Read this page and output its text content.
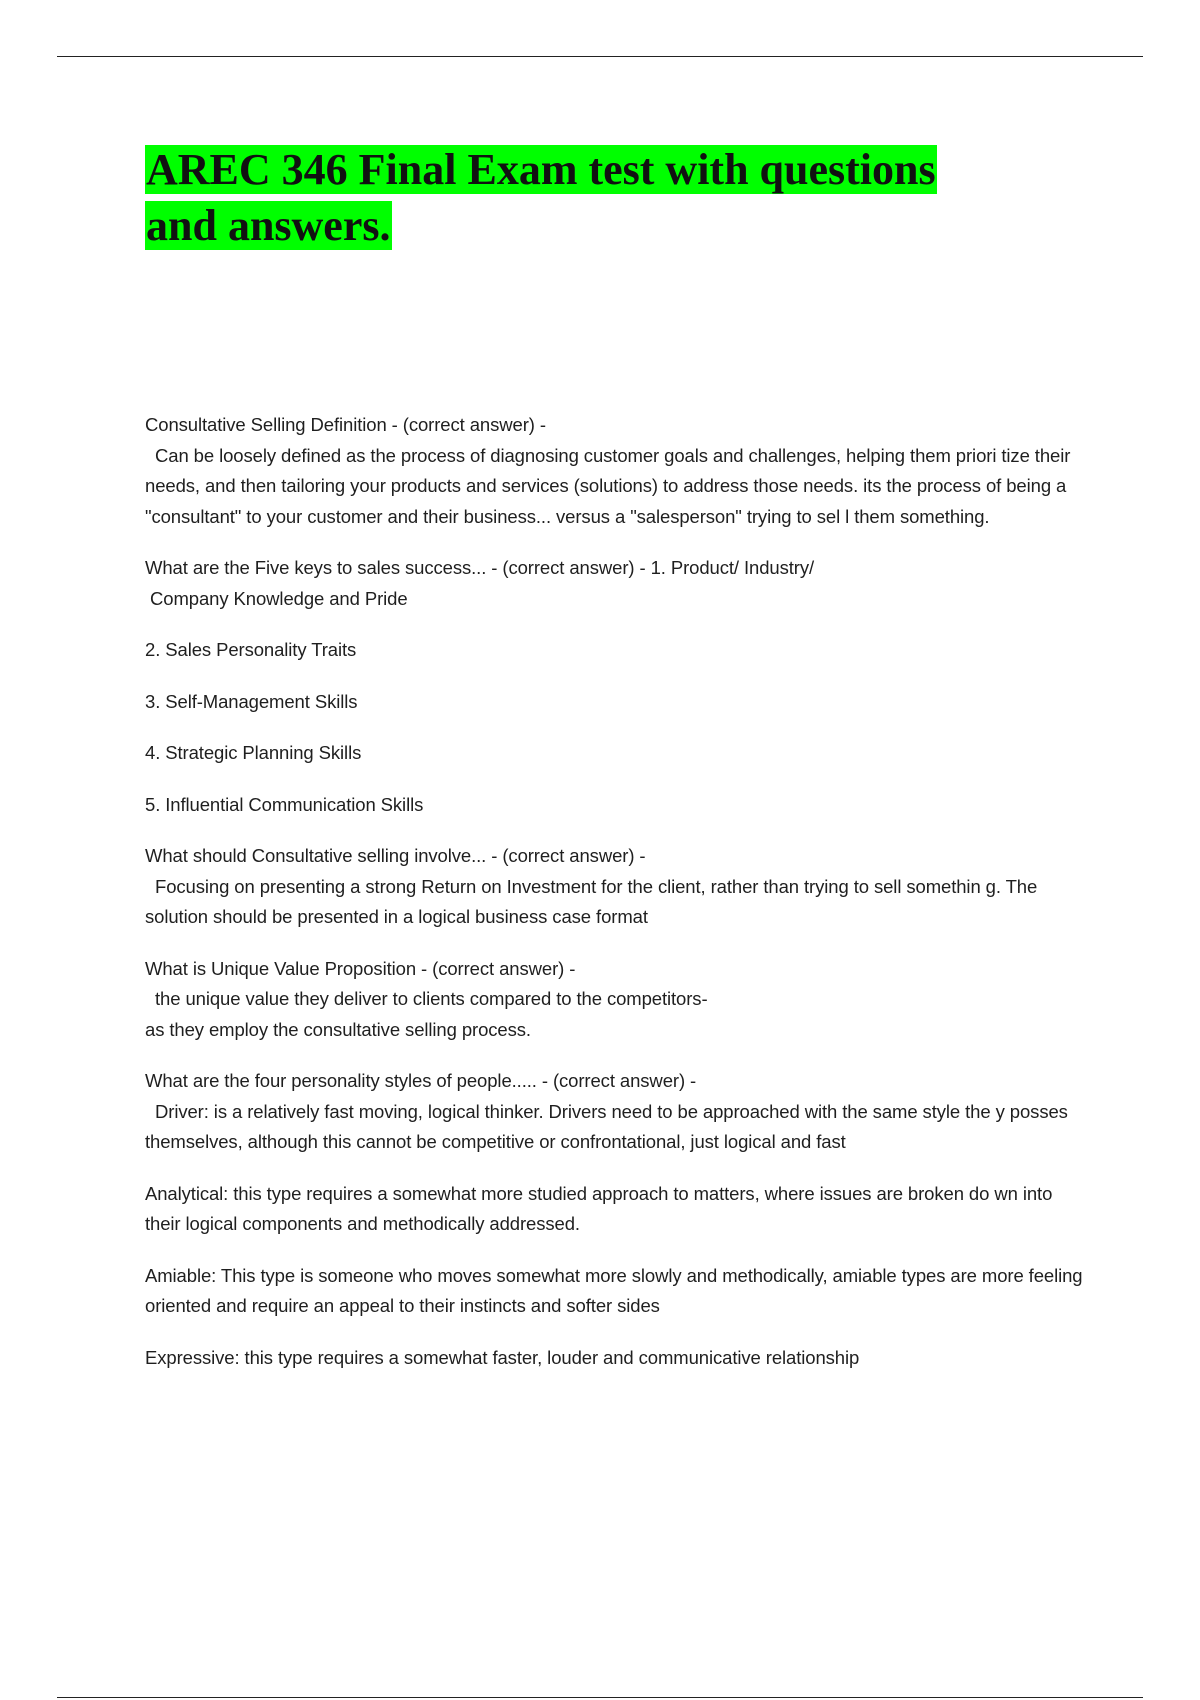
AREC 346 Final Exam test with questions
and answers.
Consultative Selling Definition - (correct answer) -
Can be loosely defined as the process of diagnosing customer goals and challenges, helping them priori tize their needs, and then tailoring your products and services (solutions) to address those needs. its the process of being a "consultant" to your customer and their business... versus a "salesperson" trying to sel l them something.
What are the Five keys to sales success... - (correct answer) - 1. Product/ Industry/
Company Knowledge and Pride
2. Sales Personality Traits
3. Self-Management Skills
4. Strategic Planning Skills
5. Influential Communication Skills
What should Consultative selling involve... - (correct answer) -
Focusing on presenting a strong Return on Investment for the client, rather than trying to sell somethin g. The solution should be presented in a logical business case format
What is Unique Value Proposition - (correct answer) -
the unique value they deliver to clients compared to the competitors-
as they employ the consultative selling process.
What are the four personality styles of people..... - (correct answer) -
Driver: is a relatively fast moving, logical thinker. Drivers need to be approached with the same style the y posses themselves, although this cannot be competitive or confrontational, just logical and fast
Analytical: this type requires a somewhat more studied approach to matters, where issues are broken do wn into their logical components and methodically addressed.
Amiable: This type is someone who moves somewhat more slowly and methodically, amiable types are more feeling oriented and require an appeal to their instincts and softer sides
Expressive: this type requires a somewhat faster, louder and communicative relationship
